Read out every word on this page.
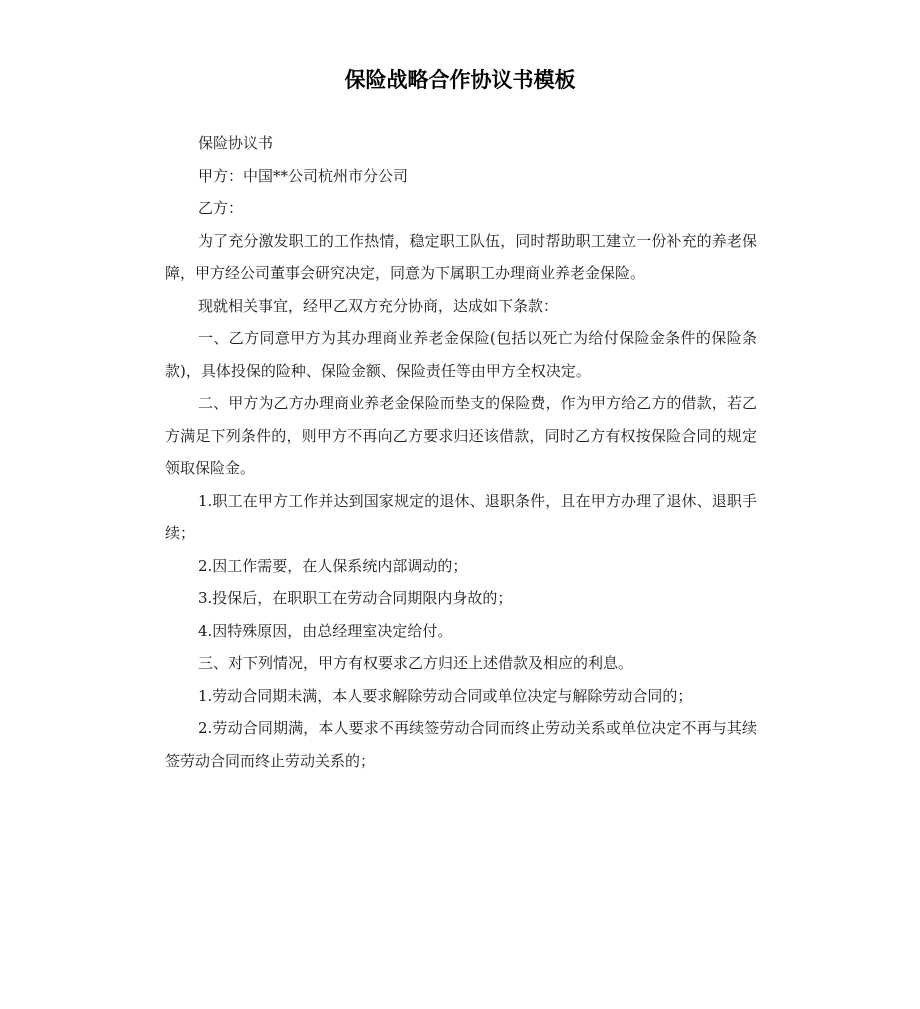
保险战略合作协议书模板

保险协议书

甲方：中国**公司杭州市分公司

乙方：

为了充分激发职工的工作热情，稳定职工队伍，同时帮助职工建立一份补充的养老保障，甲方经公司董事会研究决定，同意为下属职工办理商业养老金保险。

现就相关事宜，经甲乙双方充分协商，达成如下条款：

一、乙方同意甲方为其办理商业养老金保险(包括以死亡为给付保险金条件的保险条款)，具体投保的险种、保险金额、保险责任等由甲方全权决定。

二、甲方为乙方办理商业养老金保险而垫支的保险费，作为甲方给乙方的借款，若乙方满足下列条件的，则甲方不再向乙方要求归还该借款，同时乙方有权按保险合同的规定领取保险金。

1.职工在甲方工作并达到国家规定的退休、退职条件，且在甲方办理了退休、退职手续；

2.因工作需要，在人保系统内部调动的；

3.投保后，在职职工在劳动合同期限内身故的；

4.因特殊原因，由总经理室决定给付。

三、对下列情况，甲方有权要求乙方归还上述借款及相应的利息。

1.劳动合同期未满，本人要求解除劳动合同或单位决定与解除劳动合同的；

2.劳动合同期满，本人要求不再续签劳动合同而终止劳动关系或单位决定不再与其续签劳动合同而终止劳动关系的；
